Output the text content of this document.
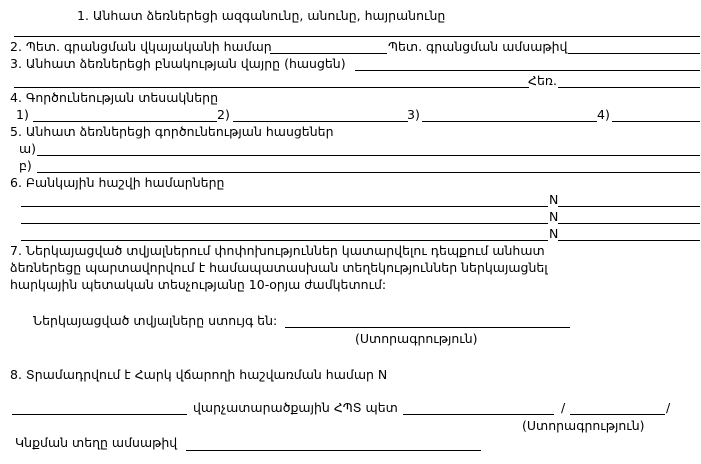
1. Անհատ ձեռներեցի ազգանունը, անունը, հայրանունը
2. Պետ. գրանցման վկայականի համար	Պետ. գրանցման ամսաթիվ
3. Անհատ ձեռներեցի բնակության վայրը (հասցեն)
Հեռ.
4. Գործունեության տեսակները
1)	2)	3)	4)
5. Անհատ ձեռներեցի գործունեության հասցեներ
ա)
բ)
6. Բանկային հաշվի համարները
N
N
N
7. Ներկայացված տվյալներում փոփոխություններ կատարվելու դեպքում անհատ
ձեռներեցը պարտավորվում է համապատասխան տեղեկություններ ներկայացնել
հարկային պետական տեսչությանը 10-օրյա ժամկետում:
Ներկայացված տվյալները ստույգ են:
(Ստորագրություն)
8. Տրամադրվում է Հարկ վճարողի հաշվառման համար N
վարչատարածքային ՀՊՏ պետ	/	/
(Ստորագրություն)
Կնքման տեղը ամսաթիվ
